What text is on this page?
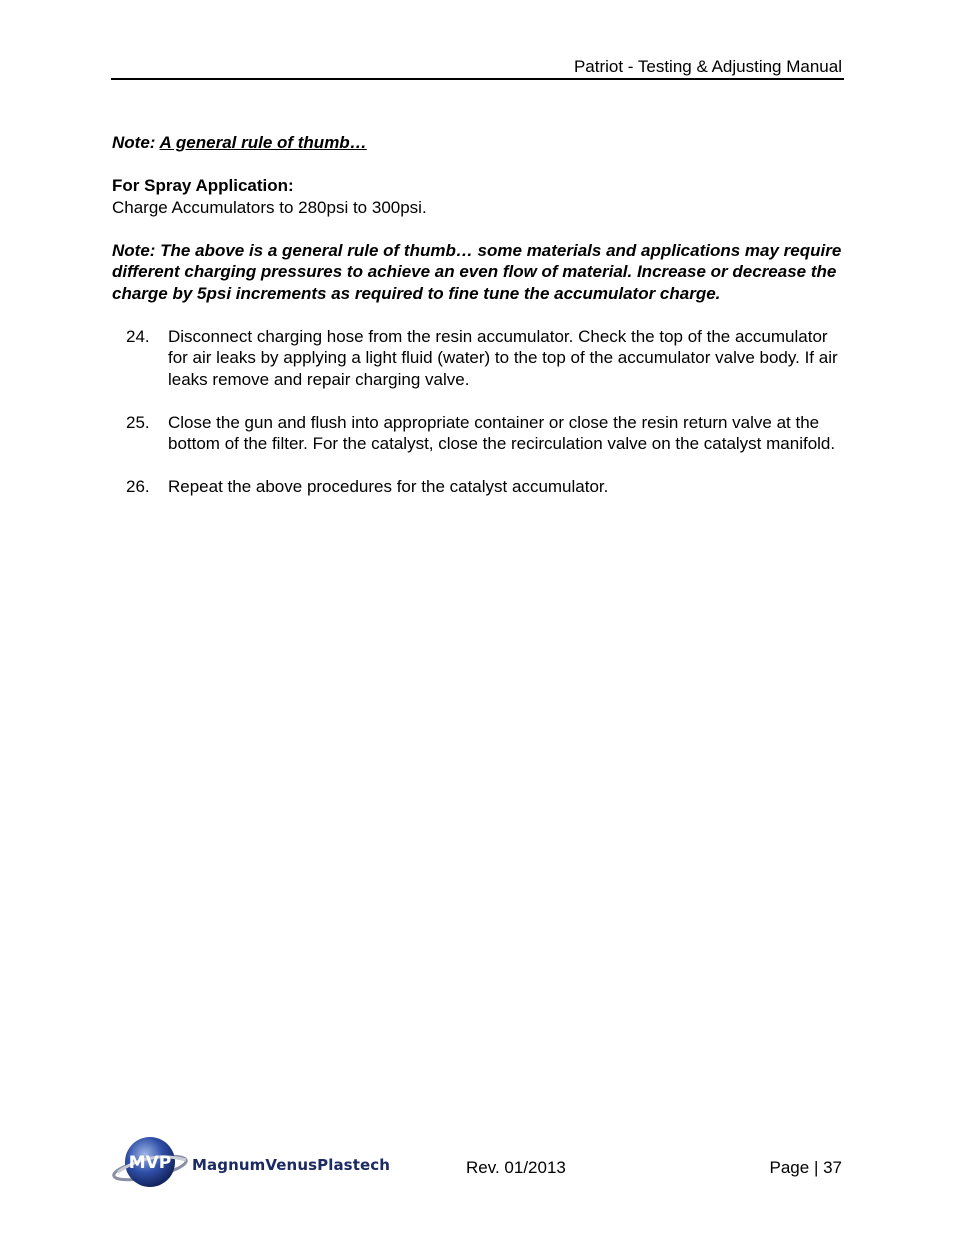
Patriot - Testing & Adjusting Manual

Note: A general rule of thumb…

For Spray Application:

Charge Accumulators to 280psi to 300psi.

Note: The above is a general rule of thumb… some materials and applications may require different charging pressures to achieve an even flow of material. Increase or decrease the charge by 5psi increments as required to fine tune the accumulator charge.

24.	Disconnect charging hose from the resin accumulator. Check the top of the accumulator for air leaks by applying a light fluid (water) to the top of the accumulator valve body. If air leaks remove and repair charging valve.
25.	Close the gun and flush into appropriate container or close the resin return valve at the bottom of the filter. For the catalyst, close the recirculation valve on the catalyst manifold.
26.	Repeat the above procedures for the catalyst accumulator.
MVP MagnumVenusPlastech	Rev. 01/2013	Page | 37
